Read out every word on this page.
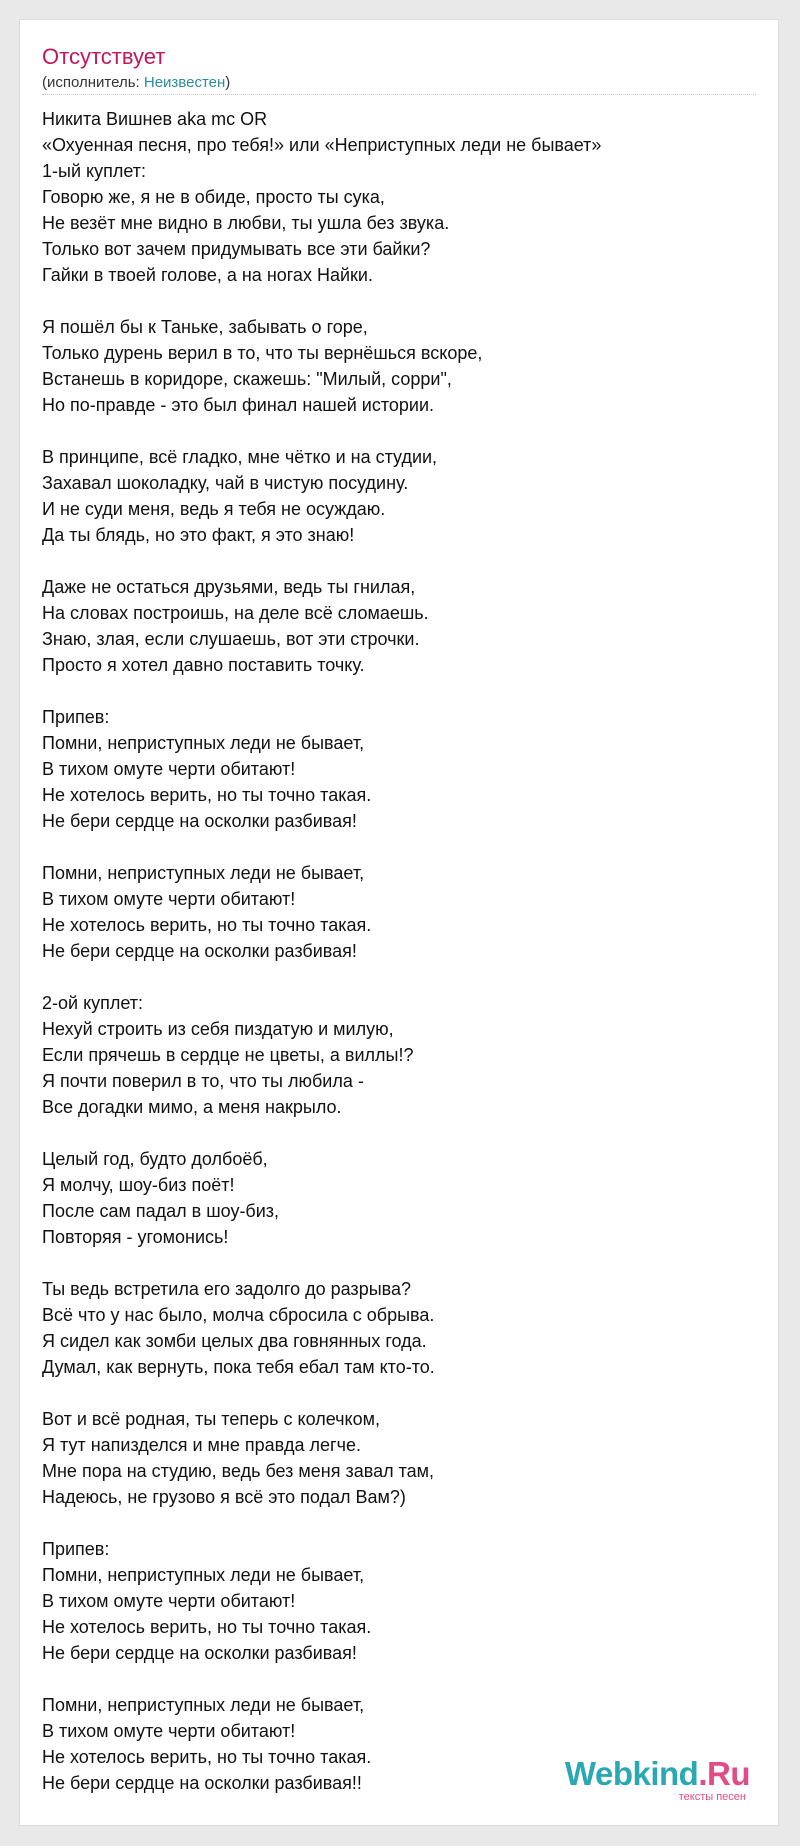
Отсутствует
(исполнитель: Неизвестен)
Никита Вишнев aka mc OR
«Охуенная песня, про тебя!» или «Неприступных леди не бывает»
1-ый куплет:
Говорю же, я не в обиде, просто ты сука,
Не везёт мне видно в любви, ты ушла без звука.
Только вот зачем придумывать все эти байки?
Гайки в твоей голове, а на ногах Найки.
Я пошёл бы к Таньке, забывать о горе,
Только дурень верил в то, что ты вернёшься вскоре,
Встанешь в коридоре, скажешь: "Милый, сорри",
Но по-правде - это был финал нашей истории.
В принципе, всё гладко, мне чётко и на студии,
Захавал шоколадку, чай в чистую посудину.
И не суди меня, ведь я тебя не осуждаю.
Да ты блядь, но это факт, я это знаю!
Даже не остаться друзьями, ведь ты гнилая,
На словах построишь, на деле всё сломаешь.
Знаю, злая, если слушаешь, вот эти строчки.
Просто я хотел давно поставить точку.
Припев:
Помни, неприступных леди не бывает,
В тихом омуте черти обитают!
Не хотелось верить, но ты точно такая.
Не бери сердце на осколки разбивая!
Помни, неприступных леди не бывает,
В тихом омуте черти обитают!
Не хотелось верить, но ты точно такая.
Не бери сердце на осколки разбивая!
2-ой куплет:
Нехуй строить из себя пиздатую и милую,
Если прячешь в сердце не цветы, а виллы!?
Я почти поверил в то, что ты любила -
Все догадки мимо, а меня накрыло.
Целый год, будто долбоёб,
Я молчу, шоу-биз поёт!
После сам падал в шоу-биз,
Повторяя - угомонись!
Ты ведь встретила его задолго до разрыва?
Всё что у нас было, молча сбросила с обрыва.
Я сидел как зомби целых два говнянных года.
Думал, как вернуть, пока тебя ебал там кто-то.
Вот и всё родная, ты теперь с колечком,
Я тут напизделся и мне правда легче.
Мне пора на студию, ведь без меня завал там,
Надеюсь, не грузово я всё это подал Вам?)
Припев:
Помни, неприступных леди не бывает,
В тихом омуте черти обитают!
Не хотелось верить, но ты точно такая.
Не бери сердце на осколки разбивая!
Помни, неприступных леди не бывает,
В тихом омуте черти обитают!
Не хотелось верить, но ты точно такая.
Не бери сердце на осколки разбивая!!	Webkind.Ru
тексты песен
